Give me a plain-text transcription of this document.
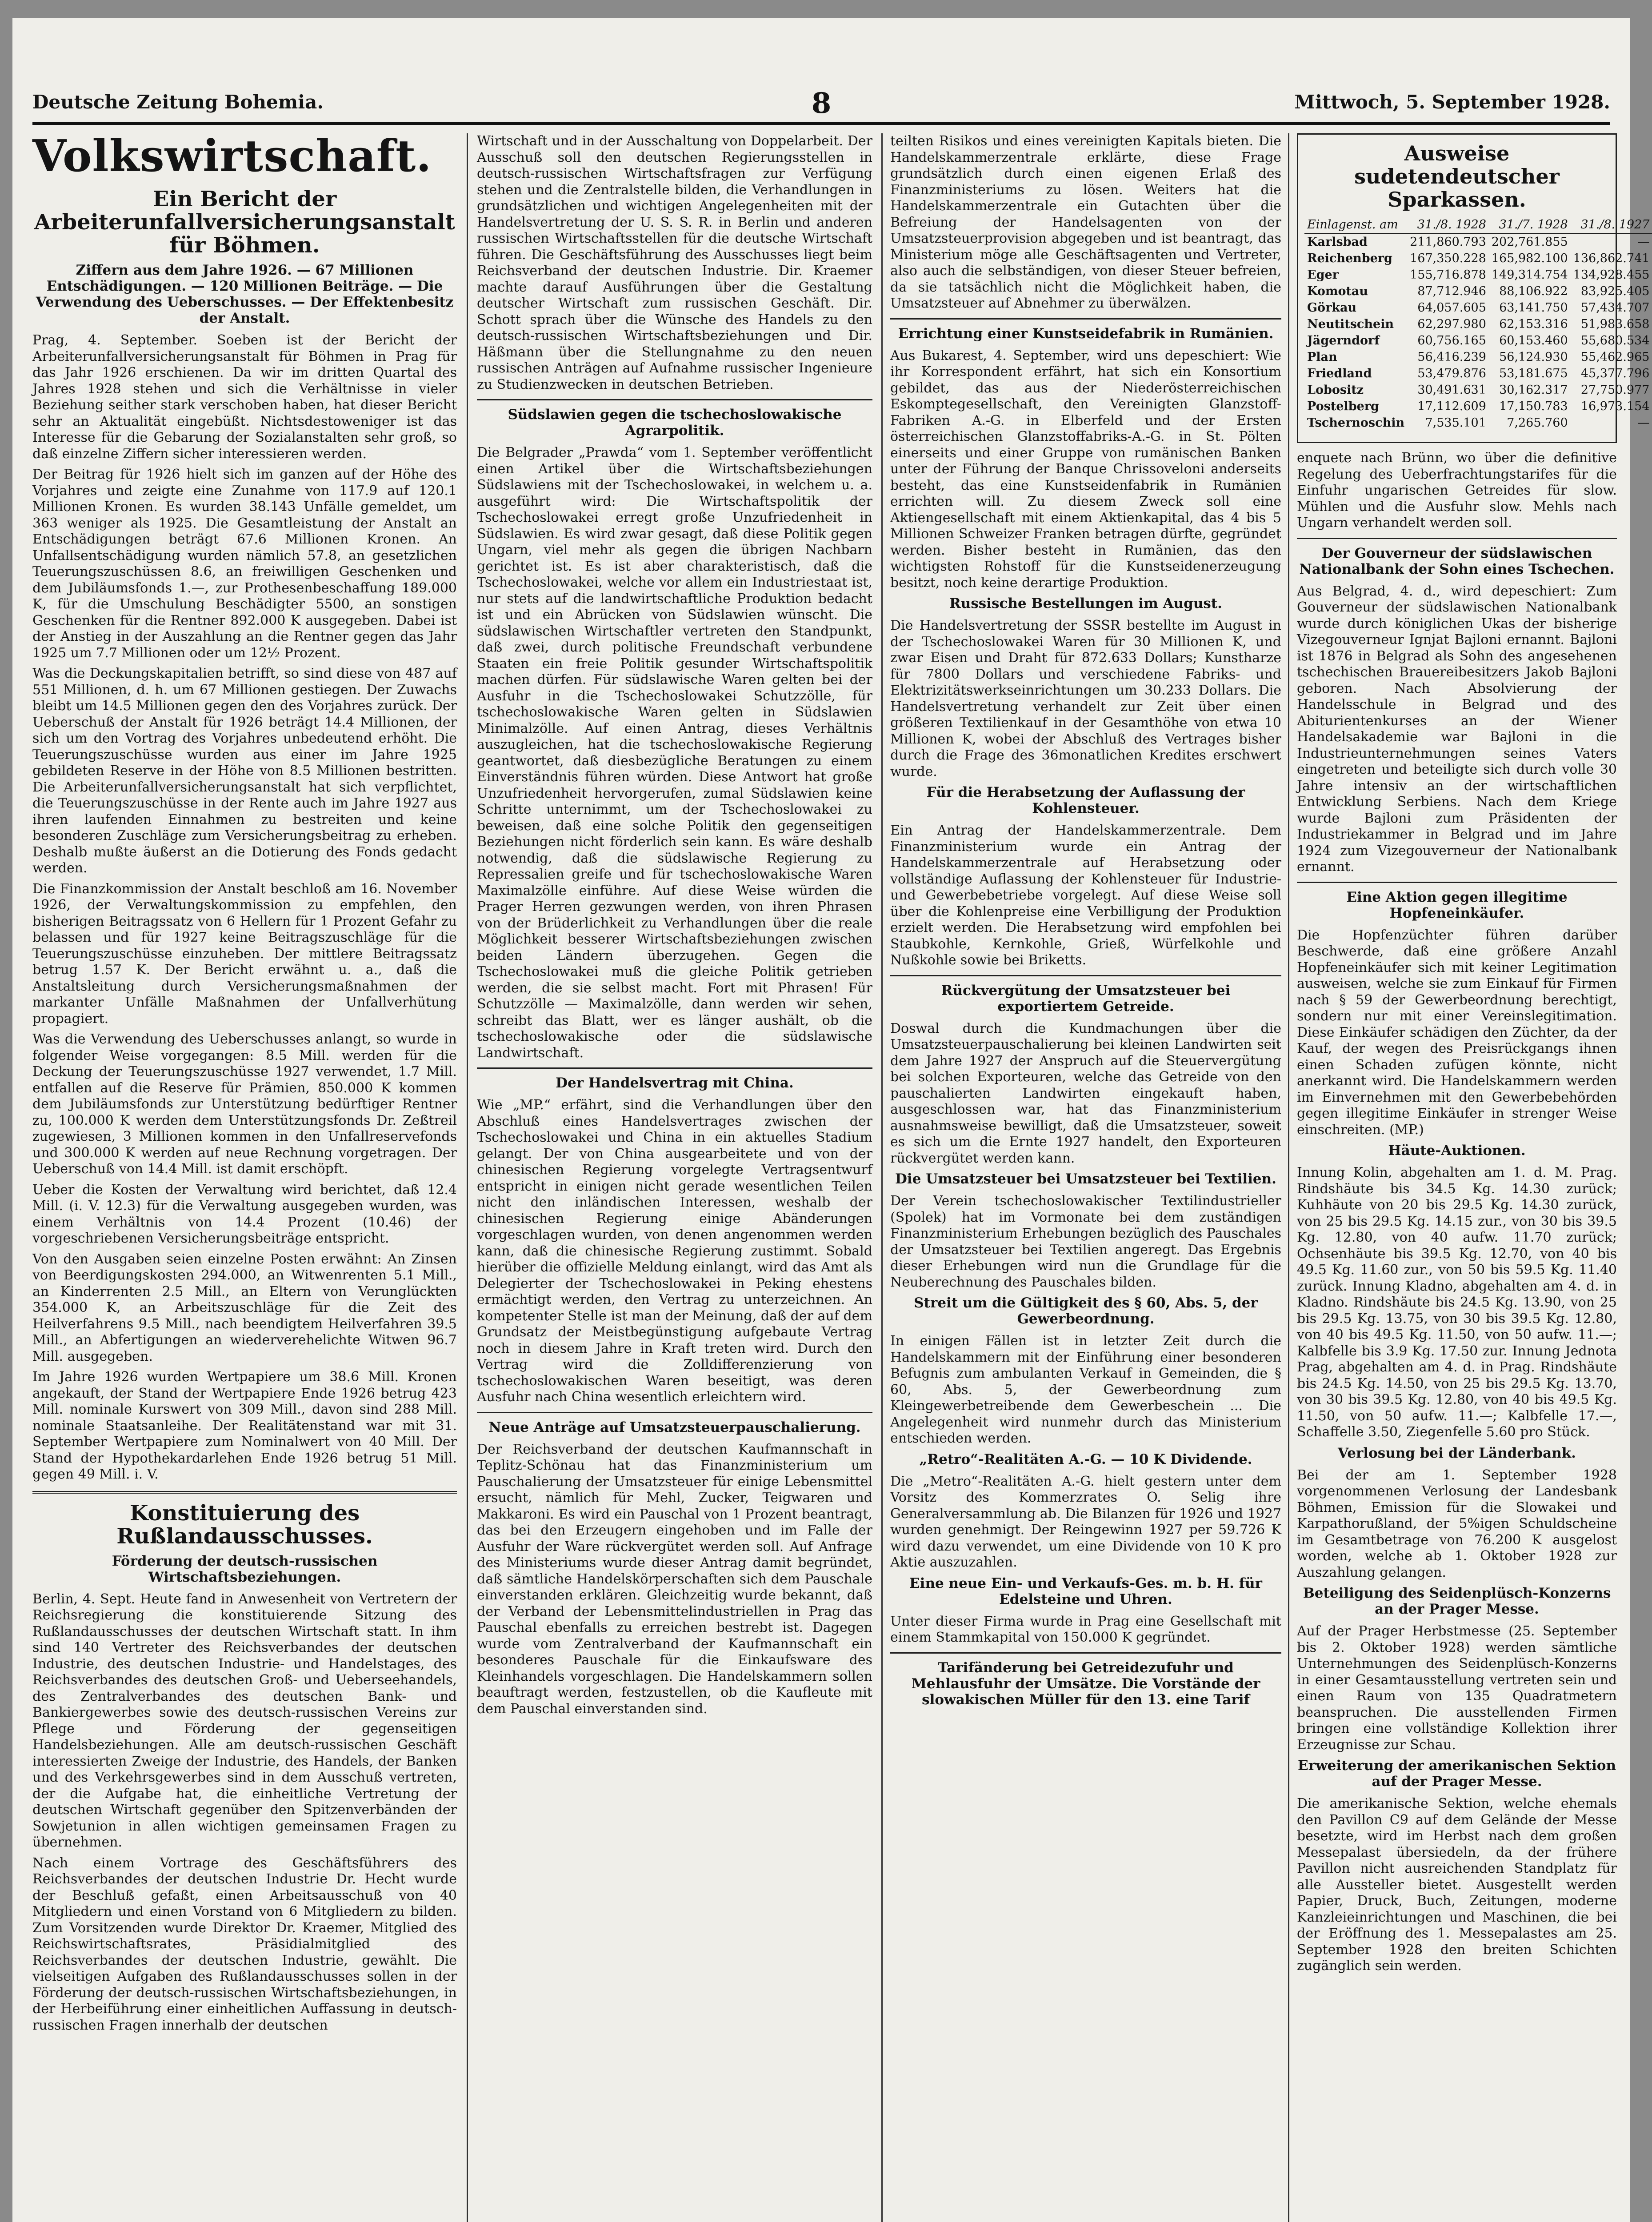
Deutsche Zeitung Bohemia.	8	Mittwoch, 5. September 1928.
Volkswirtschaft.
Ein Bericht der Arbeiterunfallversicherungsanstalt für Böhmen.
Ziffern aus dem Jahre 1926. — 67 Millionen Entschädigungen. — 120 Millionen Beiträge. — Die Verwendung des Ueberschusses. — Der Effektenbesitz der Anstalt.

Prag, 4. September. Soeben ist der Bericht der Arbeiterunfallversicherungsanstalt für Böhmen in Prag für das Jahr 1926 erschienen. Da wir im dritten Quartal des Jahres 1928 stehen und sich die Verhältnisse in vieler Beziehung seither stark verschoben haben, hat dieser Bericht sehr an Aktualität eingebüßt. Nichtsdestoweniger ist das Interesse für die Gebarung der Sozialanstalten sehr groß, so daß einzelne Ziffern sicher interessieren werden.

Der Beitrag für 1926 hielt sich im ganzen auf der Höhe des Vorjahres und zeigte eine Zunahme von 117.9 auf 120.1 Millionen Kronen. Es wurden 38.143 Unfälle gemeldet, um 363 weniger als 1925. Die Gesamtleistung der Anstalt an Entschädigungen beträgt 67.6 Millionen Kronen. An Unfallsentschädigung wurden nämlich 57.8, an gesetzlichen Teuerungszuschüssen 8.6, an freiwilligen Geschenken und dem Jubiläumsfonds 1.—, zur Prothesenbeschaffung 189.000 K, für die Umschulung Beschädigter 5500, an sonstigen Geschenken für die Rentner 892.000 K ausgegeben. Dabei ist der Anstieg in der Auszahlung an die Rentner gegen das Jahr 1925 um 7.7 Millionen oder um 12½ Prozent.

Was die Deckungskapitalien betrifft, so sind diese von 487 auf 551 Millionen, d. h. um 67 Millionen gestiegen. Der Zuwachs bleibt um 14.5 Millionen gegen den des Vorjahres zurück. Der Ueberschuß der Anstalt für 1926 beträgt 14.4 Millionen, der sich um den Vortrag des Vorjahres unbedeutend erhöht. Die Teuerungszuschüsse wurden aus einer im Jahre 1925 gebildeten Reserve in der Höhe von 8.5 Millionen bestritten. Die Arbeiterunfallversicherungsanstalt hat sich verpflichtet, die Teuerungszuschüsse in der Rente auch im Jahre 1927 aus ihren laufenden Einnahmen zu bestreiten und keine besonderen Zuschläge zum Versicherungsbeitrag zu erheben. Deshalb mußte äußerst an die Dotierung des Fonds gedacht werden.

Die Finanzkommission der Anstalt beschloß am 16. November 1926, der Verwaltungskommission zu empfehlen, den bisherigen Beitragssatz von 6 Hellern für 1 Prozent Gefahr zu belassen und für 1927 keine Beitragszuschläge für die Teuerungszuschüsse einzuheben. Der mittlere Beitragssatz betrug 1.57 K. Der Bericht erwähnt u. a., daß die Anstaltsleitung durch Versicherungsmaßnahmen der markanter Unfälle Maßnahmen der Unfallverhütung propagiert.

Was die Verwendung des Ueberschusses anlangt, so wurde in folgender Weise vorgegangen: 8.5 Mill. werden für die Deckung der Teuerungszuschüsse 1927 verwendet, 1.7 Mill. entfallen auf die Reserve für Prämien, 850.000 K kommen dem Jubiläumsfonds zur Unterstützung bedürftiger Rentner zu, 100.000 K werden dem Unterstützungsfonds Dr. Zeßtreil zugewiesen, 3 Millionen kommen in den Unfallreservefonds und 300.000 K werden auf neue Rechnung vorgetragen. Der Ueberschuß von 14.4 Mill. ist damit erschöpft.

Ueber die Kosten der Verwaltung wird berichtet, daß 12.4 Mill. (i. V. 12.3) für die Verwaltung ausgegeben wurden, was einem Verhältnis von 14.4 Prozent (10.46) der vorgeschriebenen Versicherungsbeiträge entspricht.

Von den Ausgaben seien einzelne Posten erwähnt: An Zinsen von Beerdigungskosten 294.000, an Witwenrenten 5.1 Mill., an Kinderrenten 2.5 Mill., an Eltern von Verunglückten 354.000 K, an Arbeitszuschläge für die Zeit des Heilverfahrens 9.5 Mill., nach beendigtem Heilverfahren 39.5 Mill., an Abfertigungen an wiederverehelichte Witwen 96.7 Mill. ausgegeben.

Im Jahre 1926 wurden Wertpapiere um 38.6 Mill. Kronen angekauft, der Stand der Wertpapiere Ende 1926 betrug 423 Mill. nominale Kurswert von 309 Mill., davon sind 288 Mill. nominale Staatsanleihe. Der Realitätenstand war mit 31. September Wertpapiere zum Nominalwert von 40 Mill. Der Stand der Hypothekardarlehen Ende 1926 betrug 51 Mill. gegen 49 Mill. i. V.

Konstituierung des Rußlandausschusses.
Förderung der deutsch-russischen Wirtschaftsbeziehungen.

Berlin, 4. Sept. Heute fand in Anwesenheit von Vertretern der Reichsregierung die konstituierende Sitzung des Rußlandausschusses der deutschen Wirtschaft statt. In ihm sind 140 Vertreter des Reichsverbandes der deutschen Industrie, des deutschen Industrie- und Handelstages, des Reichsverbandes des deutschen Groß- und Ueberseehandels, des Zentralverbandes des deutschen Bank- und Bankiergewerbes sowie des deutsch-russischen Vereins zur Pflege und Förderung der gegenseitigen Handelsbeziehungen. Alle am deutsch-russischen Geschäft interessierten Zweige der Industrie, des Handels, der Banken und des Verkehrsgewerbes sind in dem Ausschuß vertreten, der die Aufgabe hat, die einheitliche Vertretung der deutschen Wirtschaft gegenüber den Spitzenverbänden der Sowjetunion in allen wichtigen gemeinsamen Fragen zu übernehmen.

Nach einem Vortrage des Geschäftsführers des Reichsverbandes der deutschen Industrie Dr. Hecht wurde der Beschluß gefaßt, einen Arbeitsausschuß von 40 Mitgliedern und einen Vorstand von 6 Mitgliedern zu bilden. Zum Vorsitzenden wurde Direktor Dr. Kraemer, Mitglied des Reichswirtschaftsrates, Präsidialmitglied des Reichsverbandes der deutschen Industrie, gewählt. Die vielseitigen Aufgaben des Rußlandausschusses sollen in der Förderung der deutsch-russischen Wirtschaftsbeziehungen, in der Herbeiführung einer einheitlichen Auffassung in deutsch-russischen Fragen innerhalb der deutschen

Wirtschaft und in der Ausschaltung von Doppelarbeit. Der Ausschuß soll den deutschen Regierungsstellen in deutsch-russischen Wirtschaftsfragen zur Verfügung stehen und die Zentralstelle bilden, die Verhandlungen in grundsätzlichen und wichtigen Angelegenheiten mit der Handelsvertretung der U. S. S. R. in Berlin und anderen russischen Wirtschaftsstellen für die deutsche Wirtschaft führen. Die Geschäftsführung des Ausschusses liegt beim Reichsverband der deutschen Industrie. Dir. Kraemer machte darauf Ausführungen über die Gestaltung deutscher Wirtschaft zum russischen Geschäft. Dir. Schott sprach über die Wünsche des Handels zu den deutsch-russischen Wirtschaftsbeziehungen und Dir. Häßmann über die Stellungnahme zu den neuen russischen Anträgen auf Aufnahme russischer Ingenieure zu Studienzwecken in deutschen Betrieben.

Südslawien gegen die tschechoslowakische Agrarpolitik.

Die Belgrader „Prawda“ vom 1. September veröffentlicht einen Artikel über die Wirtschaftsbeziehungen Südslawiens mit der Tschechoslowakei, in welchem u. a. ausgeführt wird: Die Wirtschaftspolitik der Tschechoslowakei erregt große Unzufriedenheit in Südslawien. Es wird zwar gesagt, daß diese Politik gegen Ungarn, viel mehr als gegen die übrigen Nachbarn gerichtet ist. Es ist aber charakteristisch, daß die Tschechoslowakei, welche vor allem ein Industriestaat ist, nur stets auf die landwirtschaftliche Produktion bedacht ist und ein Abrücken von Südslawien wünscht. Die südslawischen Wirtschaftler vertreten den Standpunkt, daß zwei, durch politische Freundschaft verbundene Staaten ein freie Politik gesunder Wirtschaftspolitik machen dürfen. Für südslawische Waren gelten bei der Ausfuhr in die Tschechoslowakei Schutzzölle, für tschechoslowakische Waren gelten in Südslawien Minimalzölle. Auf einen Antrag, dieses Verhältnis auszugleichen, hat die tschechoslowakische Regierung geantwortet, daß diesbezügliche Beratungen zu einem Einverständnis führen würden. Diese Antwort hat große Unzufriedenheit hervorgerufen, zumal Südslawien keine Schritte unternimmt, um der Tschechoslowakei zu beweisen, daß eine solche Politik den gegenseitigen Beziehungen nicht förderlich sein kann. Es wäre deshalb notwendig, daß die südslawische Regierung zu Repressalien greife und für tschechoslowakische Waren Maximalzölle einführe. Auf diese Weise würden die Prager Herren gezwungen werden, von ihren Phrasen von der Brüderlichkeit zu Verhandlungen über die reale Möglichkeit besserer Wirtschaftsbeziehungen zwischen beiden Ländern überzugehen. Gegen die Tschechoslowakei muß die gleiche Politik getrieben werden, die sie selbst macht. Fort mit Phrasen! Für Schutzzölle — Maximalzölle, dann werden wir sehen, schreibt das Blatt, wer es länger aushält, ob die tschechoslowakische oder die südslawische Landwirtschaft.

Der Handelsvertrag mit China.

Wie „MP.“ erfährt, sind die Verhandlungen über den Abschluß eines Handelsvertrages zwischen der Tschechoslowakei und China in ein aktuelles Stadium gelangt. Der von China ausgearbeitete und von der chinesischen Regierung vorgelegte Vertragsentwurf entspricht in einigen nicht gerade wesentlichen Teilen nicht den inländischen Interessen, weshalb der chinesischen Regierung einige Abänderungen vorgeschlagen wurden, von denen angenommen werden kann, daß die chinesische Regierung zustimmt. Sobald hierüber die offizielle Meldung einlangt, wird das Amt als Delegierter der Tschechoslowakei in Peking ehestens ermächtigt werden, den Vertrag zu unterzeichnen. An kompetenter Stelle ist man der Meinung, daß der auf dem Grundsatz der Meistbegünstigung aufgebaute Vertrag noch in diesem Jahre in Kraft treten wird. Durch den Vertrag wird die Zolldifferenzierung von tschechoslowakischen Waren beseitigt, was deren Ausfuhr nach China wesentlich erleichtern wird.

Neue Anträge auf Umsatzsteuerpauschalierung.

Der Reichsverband der deutschen Kaufmannschaft in Teplitz-Schönau hat das Finanzministerium um Pauschalierung der Umsatzsteuer für einige Lebensmittel ersucht, nämlich für Mehl, Zucker, Teigwaren und Makkaroni. Es wird ein Pauschal von 1 Prozent beantragt, das bei den Erzeugern eingehoben und im Falle der Ausfuhr der Ware rückvergütet werden soll. Auf Anfrage des Ministeriums wurde dieser Antrag damit begründet, daß sämtliche Handelskörperschaften sich dem Pauschale einverstanden erklären. Gleichzeitig wurde bekannt, daß der Verband der Lebensmittelindustriellen in Prag das Pauschal ebenfalls zu erreichen bestrebt ist. Dagegen wurde vom Zentralverband der Kaufmannschaft ein besonderes Pauschale für die Einkaufsware des Kleinhandels vorgeschlagen. Die Handelskammern sollen beauftragt werden, festzustellen, ob die Kaufleute mit dem Pauschal einverstanden sind.

teilten Risikos und eines vereinigten Kapitals bieten. Die Handelskammerzentrale erklärte, diese Frage grundsätzlich durch einen eigenen Erlaß des Finanzministeriums zu lösen. Weiters hat die Handelskammerzentrale ein Gutachten über die Befreiung der Handelsagenten von der Umsatzsteuerprovision abgegeben und ist beantragt, das Ministerium möge alle Geschäftsagenten und Vertreter, also auch die selbständigen, von dieser Steuer befreien, da sie tatsächlich nicht die Möglichkeit haben, die Umsatzsteuer auf Abnehmer zu überwälzen.

Errichtung einer Kunstseidefabrik in Rumänien.

Aus Bukarest, 4. September, wird uns depeschiert: Wie ihr Korrespondent erfährt, hat sich ein Konsortium gebildet, das aus der Niederösterreichischen Eskomptegesellschaft, den Vereinigten Glanzstoff-Fabriken A.-G. in Elberfeld und der Ersten österreichischen Glanzstoffabriks-A.-G. in St. Pölten einerseits und einer Gruppe von rumänischen Banken unter der Führung der Banque Chrissoveloni anderseits besteht, das eine Kunstseidenfabrik in Rumänien errichten will. Zu diesem Zweck soll eine Aktiengesellschaft mit einem Aktienkapital, das 4 bis 5 Millionen Schweizer Franken betragen dürfte, gegründet werden. Bisher besteht in Rumänien, das den wichtigsten Rohstoff für die Kunstseidenerzeugung besitzt, noch keine derartige Produktion.

Russische Bestellungen im August.

Die Handelsvertretung der SSSR bestellte im August in der Tschechoslowakei Waren für 30 Millionen K, und zwar Eisen und Draht für 872.633 Dollars; Kunstharze für 7800 Dollars und verschiedene Fabriks- und Elektrizitätswerkseinrichtungen um 30.233 Dollars. Die Handelsvertretung verhandelt zur Zeit über einen größeren Textilienkauf in der Gesamthöhe von etwa 10 Millionen K, wobei der Abschluß des Vertrages bisher durch die Frage des 36monatlichen Kredites erschwert wurde.

Für die Herabsetzung der Auflassung der Kohlensteuer.

Ein Antrag der Handelskammerzentrale. Dem Finanzministerium wurde ein Antrag der Handelskammerzentrale auf Herabsetzung oder vollständige Auflassung der Kohlensteuer für Industrie- und Gewerbebetriebe vorgelegt. Auf diese Weise soll über die Kohlenpreise eine Verbilligung der Produktion erzielt werden. Die Herabsetzung wird empfohlen bei Staubkohle, Kernkohle, Grieß, Würfelkohle und Nußkohle sowie bei Briketts.

Rückvergütung der Umsatzsteuer bei exportiertem Getreide.

Doswal durch die Kundmachungen über die Umsatzsteuerpauschalierung bei kleinen Landwirten seit dem Jahre 1927 der Anspruch auf die Steuervergütung bei solchen Exporteuren, welche das Getreide von den pauschalierten Landwirten eingekauft haben, ausgeschlossen war, hat das Finanzministerium ausnahmsweise bewilligt, daß die Umsatzsteuer, soweit es sich um die Ernte 1927 handelt, den Exporteuren rückvergütet werden kann.

Die Umsatzsteuer bei Umsatzsteuer bei Textilien.

Der Verein tschechoslowakischer Textilindustrieller (Spolek) hat im Vormonate bei dem zuständigen Finanzministerium Erhebungen bezüglich des Pauschales der Umsatzsteuer bei Textilien angeregt. Das Ergebnis dieser Erhebungen wird nun die Grundlage für die Neuberechnung des Pauschales bilden.

Streit um die Gültigkeit des § 60, Abs. 5, der Gewerbeordnung.

In einigen Fällen ist in letzter Zeit durch die Handelskammern mit der Einführung einer besonderen Befugnis zum ambulanten Verkauf in Gemeinden, die § 60, Abs. 5, der Gewerbeordnung zum Kleingewerbetreibende dem Gewerbeschein ... Die Angelegenheit wird nunmehr durch das Ministerium entschieden werden.

„Retro“-Realitäten A.-G. — 10 K Dividende.

Die „Metro“-Realitäten A.-G. hielt gestern unter dem Vorsitz des Kommerzrates O. Selig ihre Generalversammlung ab. Die Bilanzen für 1926 und 1927 wurden genehmigt. Der Reingewinn 1927 per 59.726 K wird dazu verwendet, um eine Dividende von 10 K pro Aktie auszuzahlen.

Eine neue Ein- und Verkaufs-Ges. m. b. H. für Edelsteine und Uhren.

Unter dieser Firma wurde in Prag eine Gesellschaft mit einem Stammkapital von 150.000 K gegründet.

Tarifänderung bei Getreidezufuhr und Mehlausfuhr der Umsätze. Die Vorstände der slowakischen Müller für den 13. eine Tarif
Ausweise sudetendeutscher Sparkassen.
Einlagenst. am	31./8. 1928	31./7. 1928	31./8. 1927
Karlsbad	211,860.793	202,761.855	—
Reichenberg	167,350.228	165,982.100	136,862.741
Eger	155,716.878	149,314.754	134,928.455
Komotau	87,712.946	88,106.922	83,925.405
Görkau	64,057.605	63,141.750	57,434.707
Neutitschein	62,297.980	62,153.316	51,983.658
Jägerndorf	60,756.165	60,153.460	55,680.534
Plan	56,416.239	56,124.930	55,462.965
Friedland	53,479.876	53,181.675	45,377.796
Lobositz	30,491.631	30,162.317	27,750.977
Postelberg	17,112.609	17,150.783	16,973.154
Tschernoschin	7,535.101	7,265.760	—

enquete nach Brünn, wo über die definitive Regelung des Ueberfrachtungstarifes für die Einfuhr ungarischen Getreides für slow. Mühlen und die Ausfuhr slow. Mehls nach Ungarn verhandelt werden soll.

Der Gouverneur der südslawischen Nationalbank der Sohn eines Tschechen.

Aus Belgrad, 4. d., wird depeschiert: Zum Gouverneur der südslawischen Nationalbank wurde durch königlichen Ukas der bisherige Vizegouverneur Ignjat Bajloni ernannt. Bajloni ist 1876 in Belgrad als Sohn des angesehenen tschechischen Brauereibesitzers Jakob Bajloni geboren. Nach Absolvierung der Handelsschule in Belgrad und des Abiturientenkurses an der Wiener Handelsakademie war Bajloni in die Industrieunternehmungen seines Vaters eingetreten und beteiligte sich durch volle 30 Jahre intensiv an der wirtschaftlichen Entwicklung Serbiens. Nach dem Kriege wurde Bajloni zum Präsidenten der Industriekammer in Belgrad und im Jahre 1924 zum Vizegouverneur der Nationalbank ernannt.

Eine Aktion gegen illegitime Hopfeneinkäufer.

Die Hopfenzüchter führen darüber Beschwerde, daß eine größere Anzahl Hopfeneinkäufer sich mit keiner Legitimation ausweisen, welche sie zum Einkauf für Firmen nach § 59 der Gewerbeordnung berechtigt, sondern nur mit einer Vereinslegitimation. Diese Einkäufer schädigen den Züchter, da der Kauf, der wegen des Preisrückgangs ihnen einen Schaden zufügen könnte, nicht anerkannt wird. Die Handelskammern werden im Einvernehmen mit den Gewerbebehörden gegen illegitime Einkäufer in strenger Weise einschreiten. (MP.)

Häute-Auktionen.

Innung Kolin, abgehalten am 1. d. M. Prag. Rindshäute bis 34.5 Kg. 14.30 zurück; Kuhhäute von 20 bis 29.5 Kg. 14.30 zurück, von 25 bis 29.5 Kg. 14.15 zur., von 30 bis 39.5 Kg. 12.80, von 40 aufw. 11.70 zurück; Ochsenhäute bis 39.5 Kg. 12.70, von 40 bis 49.5 Kg. 11.60 zur., von 50 bis 59.5 Kg. 11.40 zurück. Innung Kladno, abgehalten am 4. d. in Kladno. Rindshäute bis 24.5 Kg. 13.90, von 25 bis 29.5 Kg. 13.75, von 30 bis 39.5 Kg. 12.80, von 40 bis 49.5 Kg. 11.50, von 50 aufw. 11.—; Kalbfelle bis 3.9 Kg. 17.50 zur. Innung Jednota Prag, abgehalten am 4. d. in Prag. Rindshäute bis 24.5 Kg. 14.50, von 25 bis 29.5 Kg. 13.70, von 30 bis 39.5 Kg. 12.80, von 40 bis 49.5 Kg. 11.50, von 50 aufw. 11.—; Kalbfelle 17.—, Schaffelle 3.50, Ziegenfelle 5.60 pro Stück.

Verlosung bei der Länderbank.

Bei der am 1. September 1928 vorgenommenen Verlosung der Landesbank Böhmen, Emission für die Slowakei und Karpathorußland, der 5%igen Schuldscheine im Gesamtbetrage von 76.200 K ausgelost worden, welche ab 1. Oktober 1928 zur Auszahlung gelangen.

Beteiligung des Seidenplüsch-Konzerns an der Prager Messe.

Auf der Prager Herbstmesse (25. September bis 2. Oktober 1928) werden sämtliche Unternehmungen des Seidenplüsch-Konzerns in einer Gesamtausstellung vertreten sein und einen Raum von 135 Quadratmetern beanspruchen. Die ausstellenden Firmen bringen eine vollständige Kollektion ihrer Erzeugnisse zur Schau.

Erweiterung der amerikanischen Sektion auf der Prager Messe.

Die amerikanische Sektion, welche ehemals den Pavillon C9 auf dem Gelände der Messe besetzte, wird im Herbst nach dem großen Messepalast übersiedeln, da der frühere Pavillon nicht ausreichenden Standplatz für alle Aussteller bietet. Ausgestellt werden Papier, Druck, Buch, Zeitungen, moderne Kanzleieinrichtungen und Maschinen, die bei der Eröffnung des 1. Messepalastes am 25. September 1928 den breiten Schichten zugänglich sein werden.
